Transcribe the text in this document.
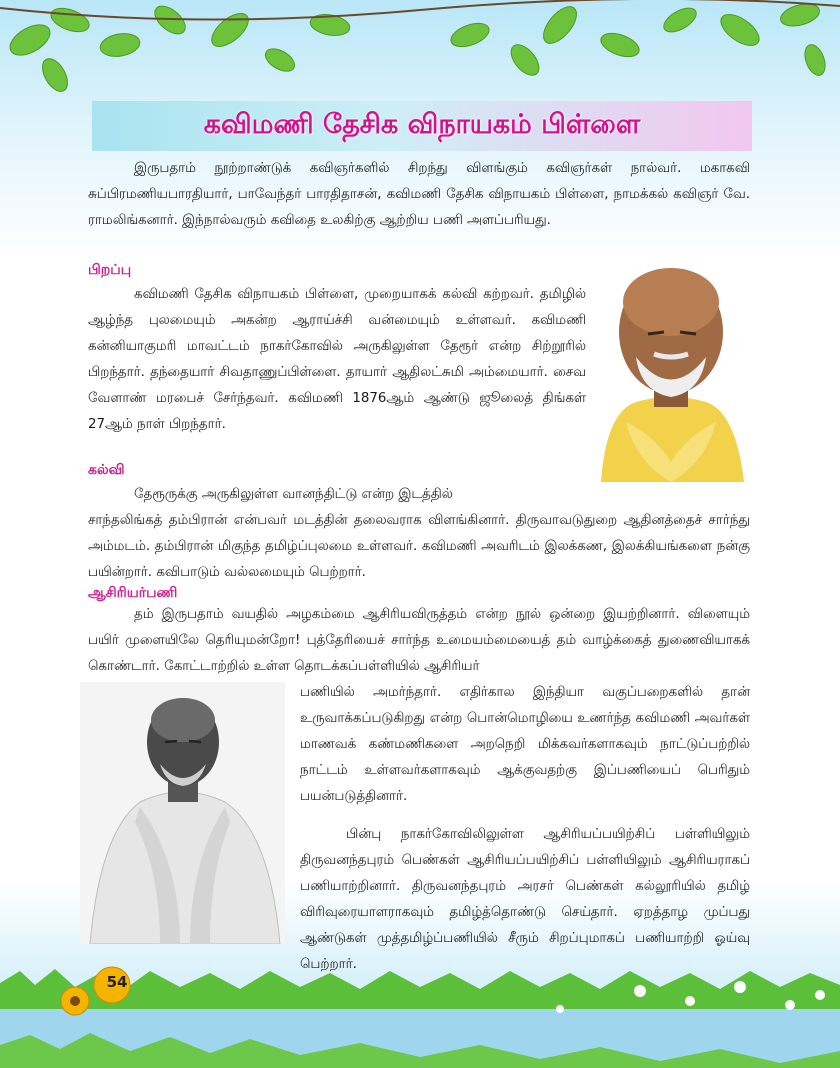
கவிமணி தேசிக விநாயகம் பிள்ளை

இருபதாம் நூற்றாண்டுக் கவிஞர்களில் சிறந்து விளங்கும் கவிஞர்கள் நால்வர். மகாகவி சுப்பிரமணியபாரதியார், பாவேந்தர் பாரதிதாசன், கவிமணி தேசிக விநாயகம் பிள்ளை, நாமக்கல் கவிஞர் வே. ராமலிங்கனார். இந்நால்வரும் கவிதை உலகிற்கு ஆற்றிய பணி அளப்பரியது.

பிறப்பு

கவிமணி தேசிக விநாயகம் பிள்ளை, முறையாகக் கல்வி கற்றவர். தமிழில் ஆழ்ந்த புலமையும் அகன்ற ஆராய்ச்சி வன்மையும் உள்ளவர். கவிமணி கன்னியாகுமரி மாவட்டம் நாகர்கோவில் அருகிலுள்ள தேரூர் என்ற சிற்றூரில் பிறந்தார். தந்தையார் சிவதாணுப்பிள்ளை. தாயார் ஆதிலட்சுமி அம்மையார். சைவ வேளாண் மரபைச் சேர்ந்தவர். கவிமணி 1876ஆம் ஆண்டு ஜூலைத் திங்கள் 27ஆம் நாள் பிறந்தார்.

கல்வி

தேரூருக்கு அருகிலுள்ள வானந்திட்டு என்ற இடத்தில்

சாந்தலிங்கத் தம்பிரான் என்பவர் மடத்தின் தலைவராக விளங்கினார். திருவாவடுதுறை ஆதினத்தைச் சார்ந்து அம்மடம். தம்பிரான் மிகுந்த தமிழ்ப்புலமை உள்ளவர். கவிமணி அவரிடம் இலக்கண, இலக்கியங்களை நன்கு பயின்றார். கவிபாடும் வல்லமையும் பெற்றார்.

ஆசிரியர்பணி

தம் இருபதாம் வயதில் அழகம்மை ஆசிரியவிருத்தம் என்ற நூல் ஒன்றை இயற்றினார். விளையும் பயிர் முளையிலே தெரியுமன்றோ! புத்தேரியைச் சார்ந்த உமையம்மையைத் தம் வாழ்க்கைத் துணைவியாகக் கொண்டார். கோட்டாற்றில் உள்ள தொடக்கப்பள்ளியில் ஆசிரியர்

பணியில் அமர்ந்தார். எதிர்கால இந்தியா வகுப்பறைகளில் தான் உருவாக்கப்படுகிறது என்ற பொன்மொழியை உணர்ந்த கவிமணி அவர்கள் மாணவக் கண்மணிகளை அறநெறி மிக்கவர்களாகவும் நாட்டுப்பற்றில் நாட்டம் உள்ளவர்களாகவும் ஆக்குவதற்கு இப்பணியைப் பெரிதும் பயன்படுத்தினார்.

பின்பு நாகர்கோவிலிலுள்ள ஆசிரியப்பயிற்சிப் பள்ளியிலும் திருவனந்தபுரம் பெண்கள் ஆசிரியப்பயிற்சிப் பள்ளியிலும் ஆசிரியராகப் பணியாற்றினார். திருவனந்தபுரம் அரசர் பெண்கள் கல்லூரியில் தமிழ் விரிவுரையாளராகவும் தமிழ்த்தொண்டு செய்தார். ஏறத்தாழ முப்பது ஆண்டுகள் முத்தமிழ்ப்பணியில் சீரும் சிறப்புமாகப் பணியாற்றி ஓய்வு பெற்றார்.

54
